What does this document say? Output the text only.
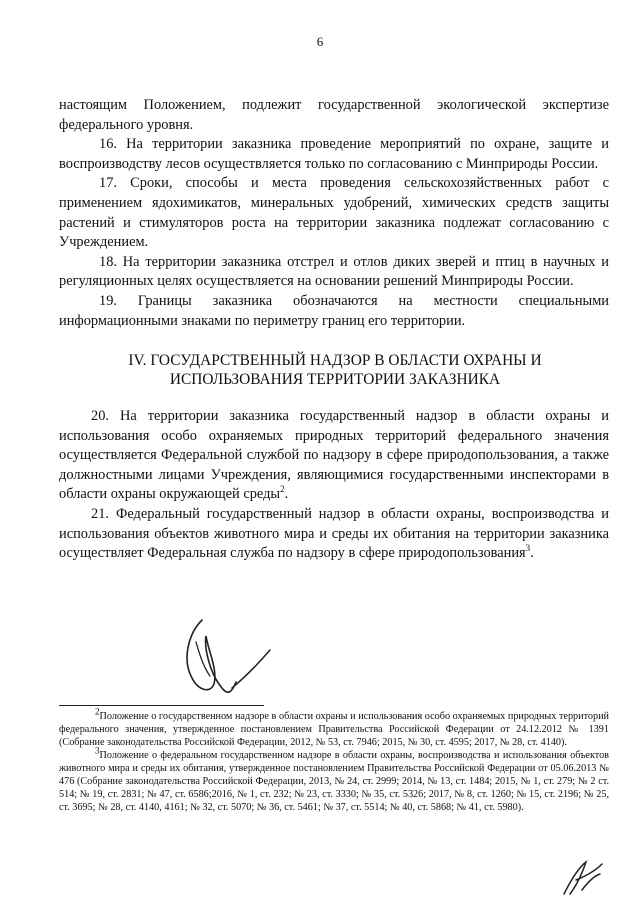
6

настоящим Положением, подлежит государственной экологической экспертизе федерального уровня.

16. На территории заказника проведение мероприятий по охране, защите и воспроизводству лесов осуществляется только по согласованию с Минприроды России.

17. Сроки, способы и места проведения сельскохозяйственных работ с применением ядохимикатов, минеральных удобрений, химических средств защиты растений и стимуляторов роста на территории заказника подлежат согласованию с Учреждением.

18. На территории заказника отстрел и отлов диких зверей и птиц в научных и регуляционных целях осуществляется на основании решений Минприроды России.

19. Границы заказника обозначаются на местности специальными информационными знаками по периметру границ его территории.

IV. ГОСУДАРСТВЕННЫЙ НАДЗОР В ОБЛАСТИ ОХРАНЫ И
ИСПОЛЬЗОВАНИЯ ТЕРРИТОРИИ ЗАКАЗНИКА

20. На территории заказника государственный надзор в области охраны и использования особо охраняемых природных территорий федерального значения осуществляется Федеральной службой по надзору в сфере природопользования, а также должностными лицами Учреждения, являющимися государственными инспекторами в области охраны окружающей среды$^2$.

21. Федеральный государственный надзор в области охраны, воспроизводства и использования объектов животного мира и среды их обитания на территории заказника осуществляет Федеральная служба по надзору в сфере природопользования$^3$.

$^2$Положение о государственном надзоре в области охраны и использования особо охраняемых природных территорий федерального значения, утвержденное постановлением Правительства Российской Федерации от 24.12.2012 № 1391 (Собрание законодательства Российской Федерации, 2012, № 53, ст. 7946; 2015, № 30, ст. 4595; 2017, № 28, ст. 4140).

$^3$Положение о федеральном государственном надзоре в области охраны, воспроизводства и использования объектов животного мира и среды их обитания, утвержденное постановлением Правительства Российской Федерации от 05.06.2013 № 476 (Собрание законодательства Российской Федерации, 2013, № 24, ст. 2999; 2014, № 13, ст. 1484; 2015, № 1, ст. 279; № 2 ст. 514; № 19, ст. 2831; № 47, ст. 6586;2016, № 1, ст. 232; № 23, ст. 3330; № 35, ст. 5326; 2017, № 8, ст. 1260; № 15, ст. 2196; № 25, ст. 3695; № 28, ст. 4140, 4161; № 32, ст. 5070; № 36, ст. 5461; № 37, ст. 5514; № 40, ст. 5868; № 41, ст. 5980).
